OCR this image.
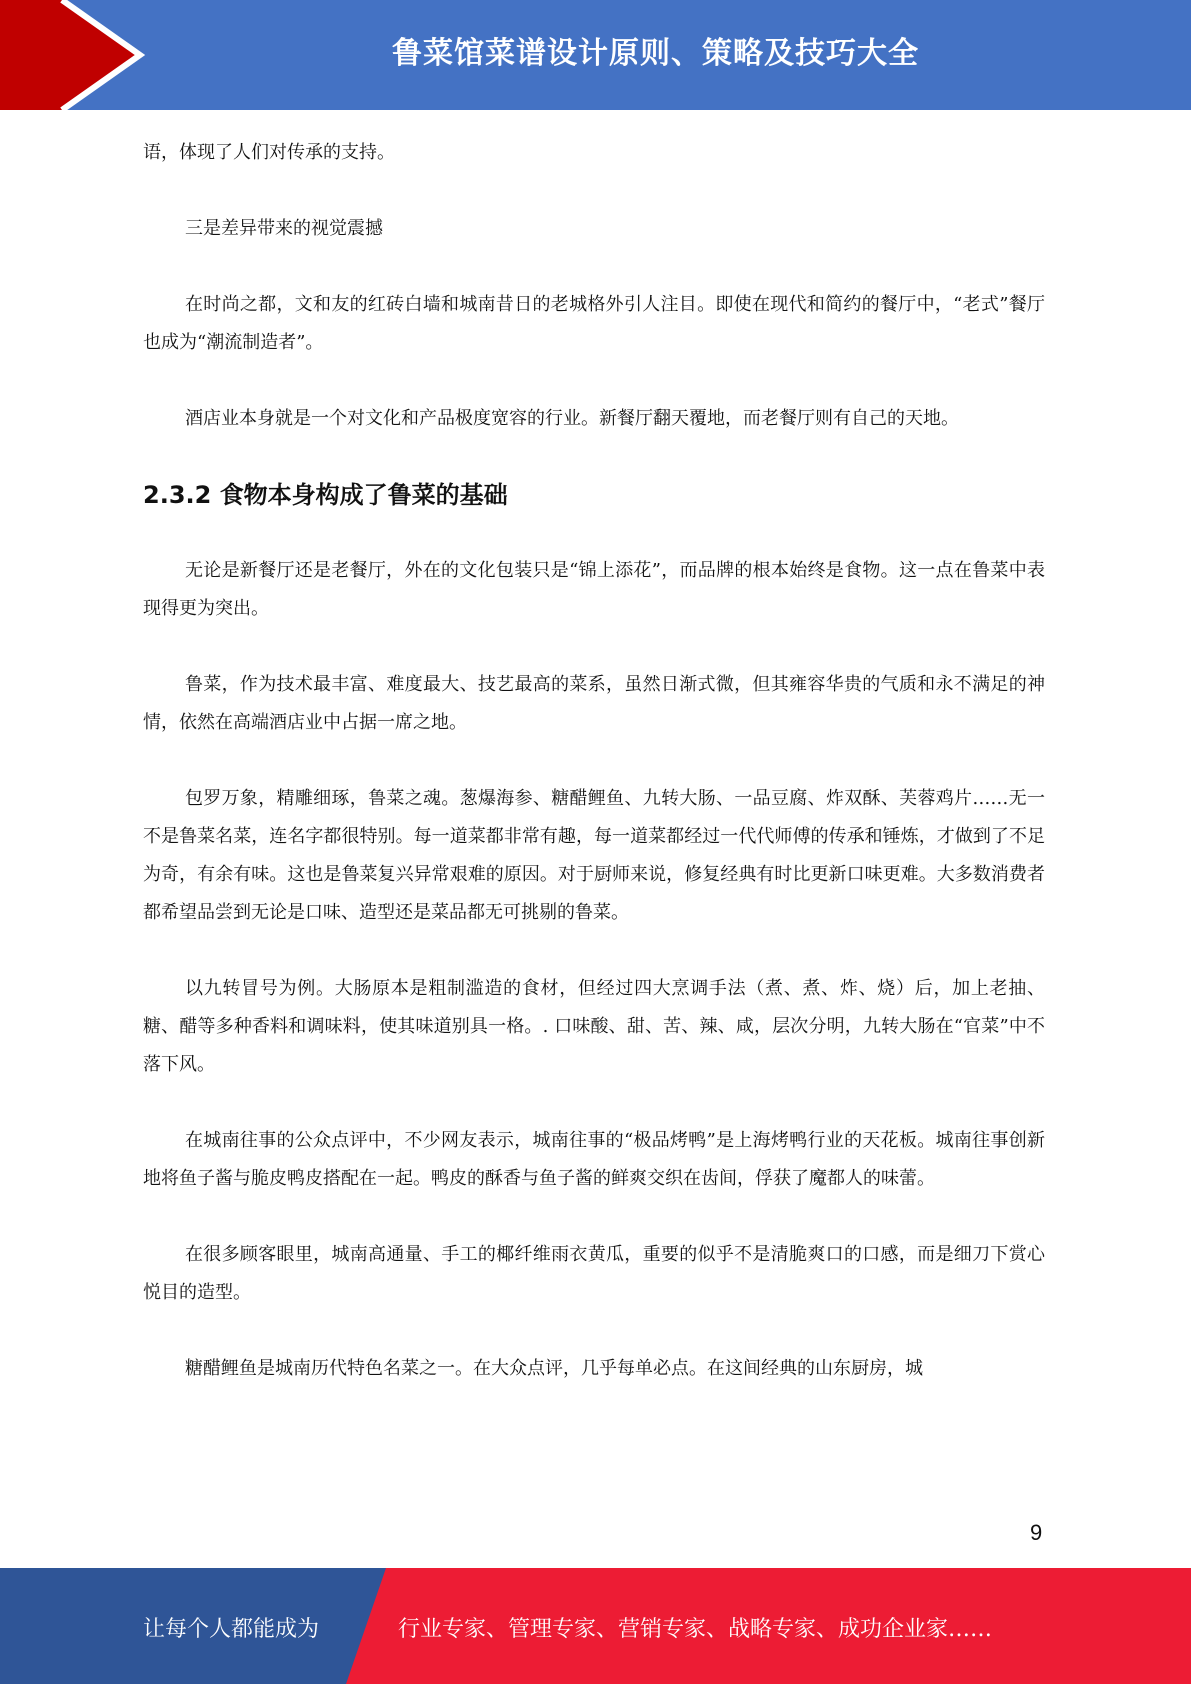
鲁菜馆菜谱设计原则、策略及技巧大全

语，体现了人们对传承的支持。

三是差异带来的视觉震撼

在时尚之都，文和友的红砖白墙和城南昔日的老城格外引人注目。即使在现代和简约的餐厅中，“老式”餐厅也成为“潮流制造者”。

酒店业本身就是一个对文化和产品极度宽容的行业。新餐厅翻天覆地，而老餐厅则有自己的天地。

2.3.2 食物本身构成了鲁菜的基础

无论是新餐厅还是老餐厅，外在的文化包装只是“锦上添花”，而品牌的根本始终是食物。这一点在鲁菜中表现得更为突出。

鲁菜，作为技术最丰富、难度最大、技艺最高的菜系，虽然日渐式微，但其雍容华贵的气质和永不满足的神情，依然在高端酒店业中占据一席之地。

包罗万象，精雕细琢，鲁菜之魂。葱爆海参、糖醋鲤鱼、九转大肠、一品豆腐、炸双酥、芙蓉鸡片……无一不是鲁菜名菜，连名字都很特别。每一道菜都非常有趣，每一道菜都经过一代代师傅的传承和锤炼，才做到了不足为奇，有余有味。这也是鲁菜复兴异常艰难的原因。对于厨师来说，修复经典有时比更新口味更难。大多数消费者都希望品尝到无论是口味、造型还是菜品都无可挑剔的鲁菜。

以九转冒号为例。大肠原本是粗制滥造的食材，但经过四大烹调手法（煮、煮、炸、烧）后，加上老抽、糖、醋等多种香料和调味料，使其味道别具一格。. 口味酸、甜、苦、辣、咸，层次分明，九转大肠在“官菜”中不落下风。

在城南往事的公众点评中，不少网友表示，城南往事的“极品烤鸭”是上海烤鸭行业的天花板。城南往事创新地将鱼子酱与脆皮鸭皮搭配在一起。鸭皮的酥香与鱼子酱的鲜爽交织在齿间，俘获了魔都人的味蕾。

在很多顾客眼里，城南高通量、手工的椰纤维雨衣黄瓜，重要的似乎不是清脆爽口的口感，而是细刀下赏心悦目的造型。

糖醋鲤鱼是城南历代特色名菜之一。在大众点评，几乎每单必点。在这间经典的山东厨房，城

9
让每个人都能成为	行业专家、管理专家、营销专家、战略专家、成功企业家……
